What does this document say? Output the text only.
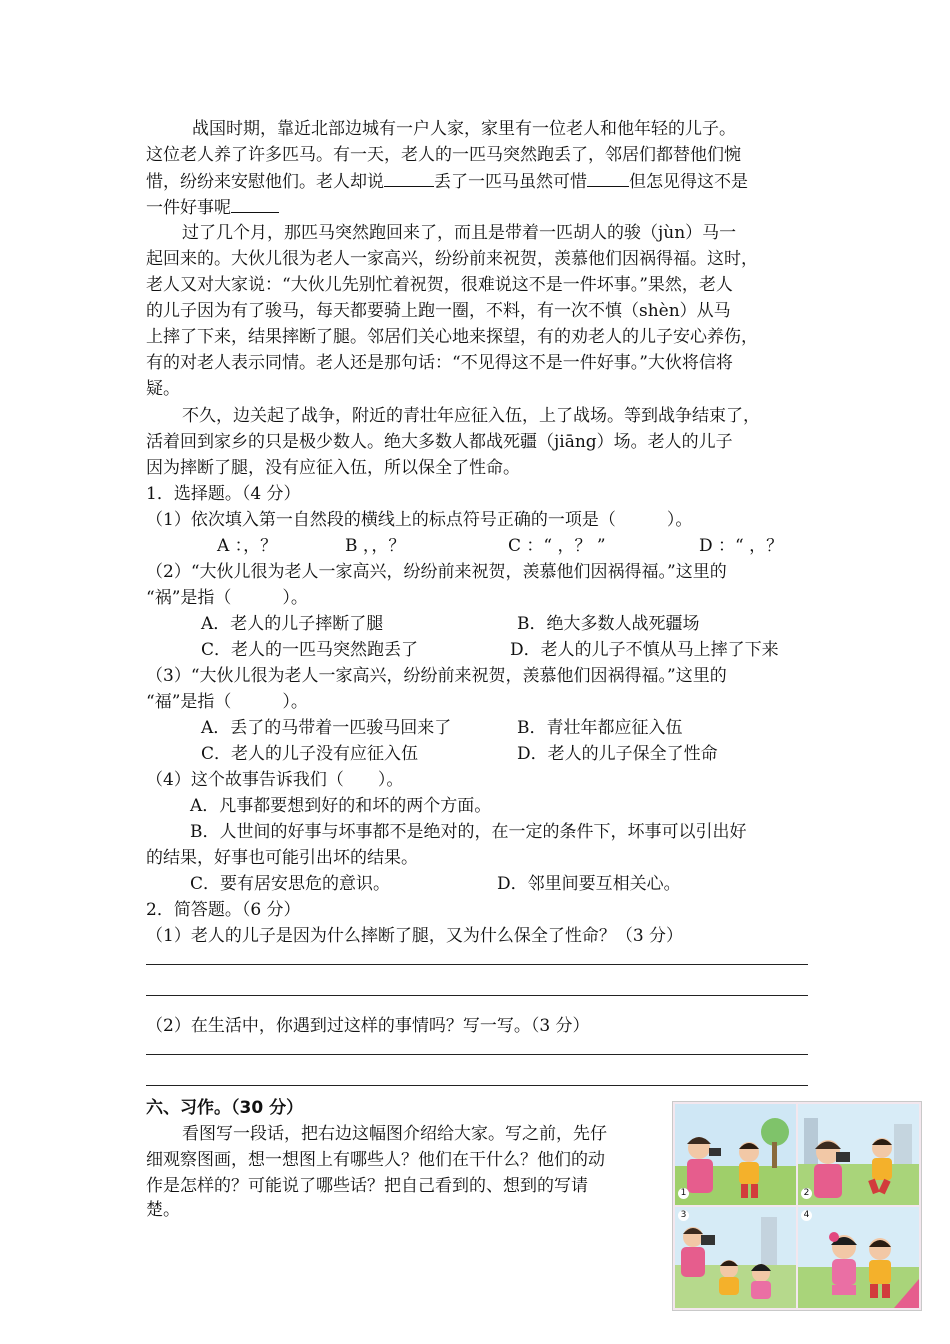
战国时期，靠近北部边城有一户人家，家里有一位老人和他年轻的儿子。
这位老人养了许多匹马。有一天，老人的一匹马突然跑丢了，邻居们都替他们惋
惜，纷纷来安慰他们。老人却说	丢了一匹马虽然可惜 但怎见得这不是
一件好事呢
过了几个月，那匹马突然跑回来了，而且是带着一匹胡人的骏（jùn）马一
起回来的。大伙儿很为老人一家高兴，纷纷前来祝贺，羡慕他们因祸得福。这时，
老人又对大家说：“大伙儿先别忙着祝贺，很难说这不是一件坏事。”果然，老人
的儿子因为有了骏马，每天都要骑上跑一圈，不料，有一次不慎（shèn）从马
上摔了下来，结果摔断了腿。邻居们关心地来探望，有的劝老人的儿子安心养伤，
有的对老人表示同情。老人还是那句话：“不见得这不是一件好事。”大伙将信将
疑。
不久，边关起了战争，附近的青壮年应征入伍，上了战场。等到战争结束了，
活着回到家乡的只是极少数人。绝大多数人都战死疆（jiāng）场。老人的儿子
因为摔断了腿，没有应征入伍，所以保全了性命。
1．选择题。（4 分）
（1）依次填入第一自然段的横线上的标点符号正确的一项是（　　　）。
A ：，？	B ，，？	C ：“ ，？ ”	D ：“ ，？
（2）“大伙儿很为老人一家高兴，纷纷前来祝贺，羡慕他们因祸得福。”这里的
“祸”是指（　　　）。
A．老人的儿子摔断了腿	B．绝大多数人战死疆场
C．老人的一匹马突然跑丢了	D．老人的儿子不慎从马上摔了下来
（3）“大伙儿很为老人一家高兴，纷纷前来祝贺，羡慕他们因祸得福。”这里的
“福”是指（　　　）。
A．丢了的马带着一匹骏马回来了	B．青壮年都应征入伍
C．老人的儿子没有应征入伍	D．老人的儿子保全了性命
（4）这个故事告诉我们（　　）。
A．凡事都要想到好的和坏的两个方面。
B．人世间的好事与坏事都不是绝对的，在一定的条件下，坏事可以引出好
的结果，好事也可能引出坏的结果。
C．要有居安思危的意识。	D．邻里间要互相关心。
2．简答题。（6 分）
（1）老人的儿子是因为什么摔断了腿，又为什么保全了性命？（3 分）
（2）在生活中，你遇到过这样的事情吗？写一写。（3 分）
六、习作。（30 分）
看图写一段话，把右边这幅图介绍给大家。写之前，先仔
细观察图画，想一想图上有哪些人？他们在干什么？他们的动
作是怎样的？可能说了哪些话？把自己看到的、想到的写请
楚。
1	2
3	4
